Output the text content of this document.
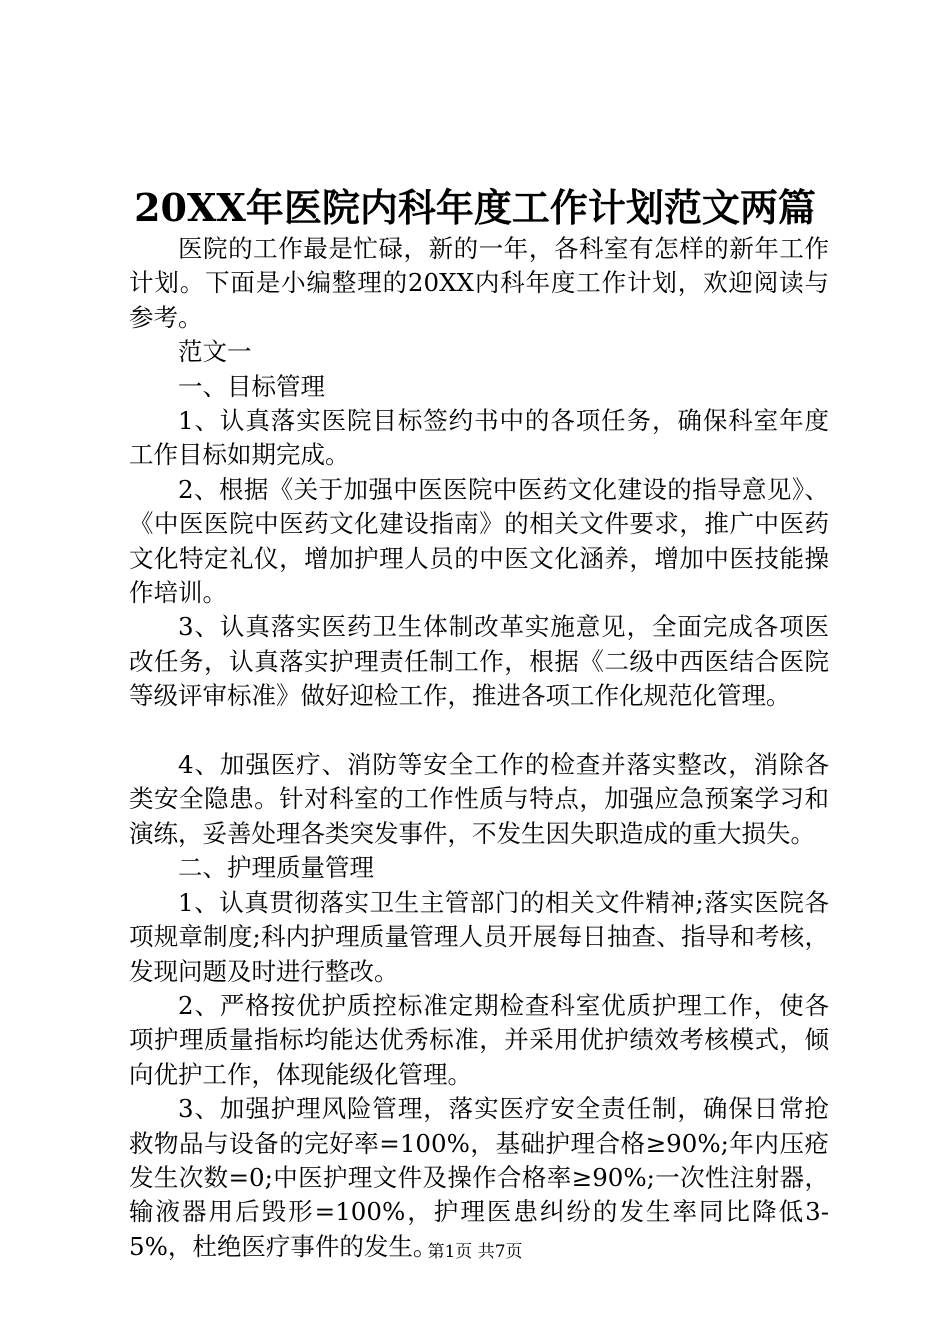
20XX年医院内科年度工作计划范文两篇

医院的工作最是忙碌，新的一年，各科室有怎样的新年工作计划。下面是小编整理的20XX内科年度工作计划，欢迎阅读与参考。

范文一

一、目标管理

1、认真落实医院目标签约书中的各项任务，确保科室年度工作目标如期完成。

2、根据《关于加强中医医院中医药文化建设的指导意见》、《中医医院中医药文化建设指南》的相关文件要求，推广中医药文化特定礼仪，增加护理人员的中医文化涵养，增加中医技能操作培训。

3、认真落实医药卫生体制改革实施意见，全面完成各项医改任务，认真落实护理责任制工作，根据《二级中西医结合医院等级评审标准》做好迎检工作，推进各项工作化规范化管理。

4、加强医疗、消防等安全工作的检查并落实整改，消除各类安全隐患。针对科室的工作性质与特点，加强应急预案学习和演练，妥善处理各类突发事件，不发生因失职造成的重大损失。

二、护理质量管理

1、认真贯彻落实卫生主管部门的相关文件精神;落实医院各项规章制度;科内护理质量管理人员开展每日抽查、指导和考核，发现问题及时进行整改。

2、严格按优护质控标准定期检查科室优质护理工作，使各项护理质量指标均能达优秀标准，并采用优护绩效考核模式，倾向优护工作，体现能级化管理。

3、加强护理风险管理，落实医疗安全责任制，确保日常抢救物品与设备的完好率=100%，基础护理合格≥90%;年内压疮发生次数=0;中医护理文件及操作合格率≥90%;一次性注射器，输液器用后毁形=100%，护理医患纠纷的发生率同比降低3-5%，杜绝医疗事件的发生。

第1页 共7页
